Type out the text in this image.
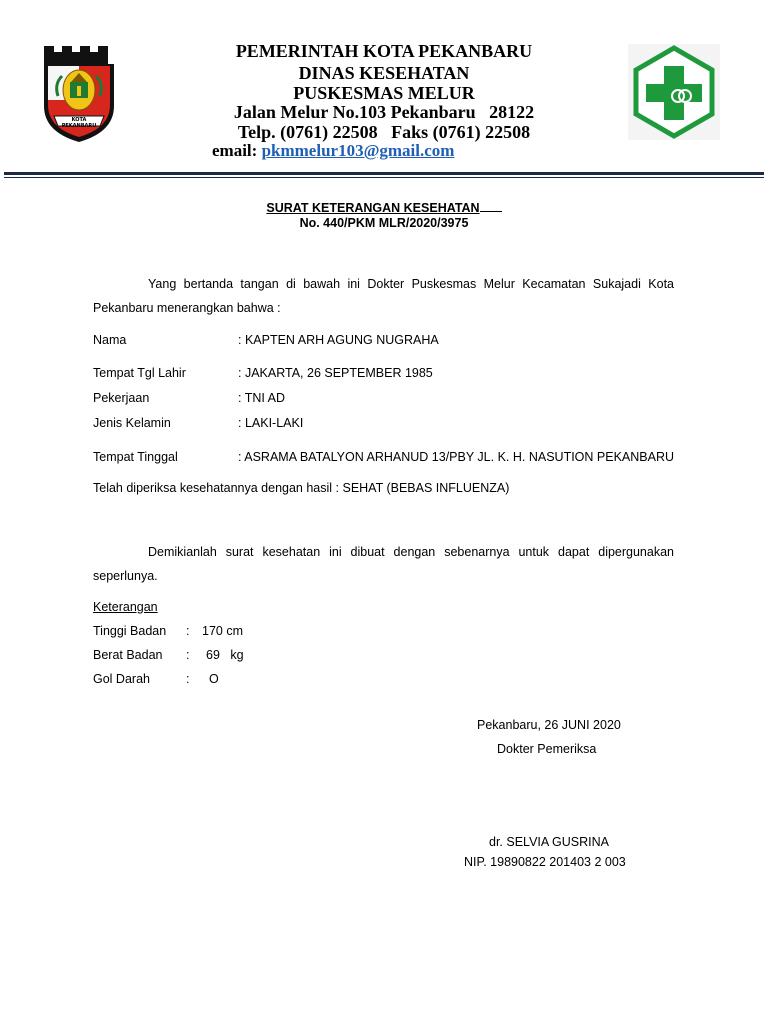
KOTA PEKANBARU
PEMERINTAH KOTA PEKANBARU
DINAS KESEHATAN
PUSKESMAS MELUR
Jalan Melur No.103 Pekanbaru   28122
Telp. (0761) 22508   Faks (0761) 22508
email: pkmmelur103@gmail.com
SURAT KETERANGAN KESEHATAN
No. 440/PKM MLR/2020/3975
Yang bertanda tangan di bawah ini Dokter Puskesmas Melur Kecamatan Sukajadi Kota Pekanbaru menerangkan bahwa :
Nama	: KAPTEN ARH AGUNG NUGRAHA
Tempat Tgl Lahir	: JAKARTA, 26 SEPTEMBER 1985
Pekerjaan	: TNI AD
Jenis Kelamin	: LAKI-LAKI
Tempat Tinggal	: ASRAMA BATALYON ARHANUD 13/PBY JL. K. H. NASUTION PEKANBARU
Telah diperiksa kesehatannya dengan hasil : SEHAT (BEBAS INFLUENZA)
Demikianlah surat kesehatan ini dibuat dengan sebenarnya untuk dapat dipergunakan seperlunya.
Keterangan
Tinggi Badan : 170 cm
Berat Badan : 69   kg
Gol Darah	: O
Pekanbaru, 26 JUNI 2020
Dokter Pemeriksa
dr. SELVIA GUSRINA
NIP. 19890822 201403 2 003
